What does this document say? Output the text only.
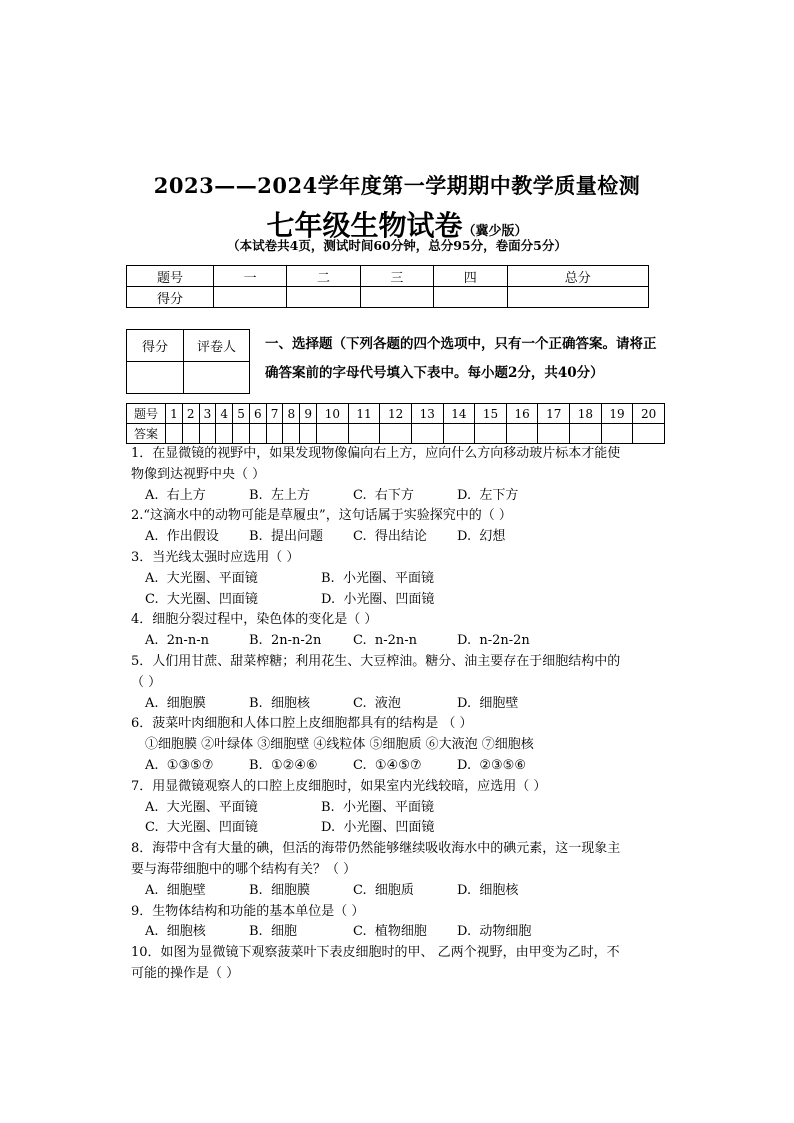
2023——2024学年度第一学期期中教学质量检测
七年级生物试卷（冀少版）
（本试卷共4页，测试时间60分钟，总分95分，卷面分5分）
题号	一	二	三	四	总分
得分					
得分	评卷人
	一、选择题（下列各题的四个选项中，只有一个正确答案。请将正
确答案前的字母代号填入下表中。每小题2分，共40分）
题号	1	2	3	4	5	6	7	8	9	10	11	12	13	14	15	16	17	18	19	20
答案																				
1．在显微镜的视野中，如果发现物像偏向右上方，应向什么方向移动玻片标本才能使
物像到达视野中央（ ）
A.  右上方	B.  左上方	C.  右下方	D.  左下方
2.“这滴水中的动物可能是草履虫”，这句话属于实验探究中的（ ）
A.  作出假设 B.  提出问题 C.  得出结论 D.  幻想
3．当光线太强时应选用（ ）
A.  大光圈、平面镜	B.  小光圈、平面镜
C.  大光圈、凹面镜	D.  小光圈、凹面镜
4．细胞分裂过程中，染色体的变化是（ ）
A.  2n-n-n	B.  2n-n-2n C.  n-2n-n	D.  n-2n-2n
5．人们用甘蔗、甜菜榨糖；利用花生、大豆榨油。糖分、油主要存在于细胞结构中的
（ ）
A.  细胞膜	B.  细胞核	C.  液泡	D.  细胞壁
6．菠菜叶肉细胞和人体口腔上皮细胞都具有的结构是 （ ）
①细胞膜 ②叶绿体 ③细胞壁 ④线粒体 ⑤细胞质 ⑥大液泡 ⑦细胞核
A.  ①③⑤⑦	B.  ①②④⑥	C.  ①④⑤⑦	D.  ②③⑤⑥
7．用显微镜观察人的口腔上皮细胞时，如果室内光线较暗，应选用（ ）
A.  大光圈、平面镜	B.  小光圈、平面镜
C.  大光圈、凹面镜	D.  小光圈、凹面镜
8．海带中含有大量的碘，但活的海带仍然能够继续吸收海水中的碘元素，这一现象主
要与海带细胞中的哪个结构有关？（ ）
A.  细胞壁	B.  细胞膜	C.  细胞质	D.  细胞核
9．生物体结构和功能的基本单位是（ ）
A.  细胞核	B.  细胞	C.  植物细胞 D.  动物细胞
10．如图为显微镜下观察菠菜叶下表皮细胞时的甲、 乙两个视野，由甲变为乙时，不
可能的操作是（ ）
